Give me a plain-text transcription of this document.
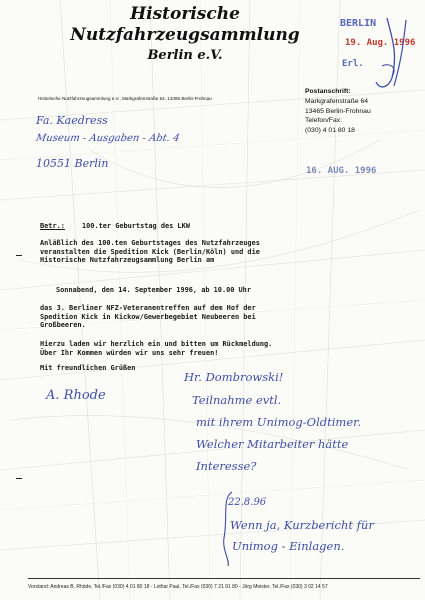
Historische
Nutzfahrzeugsammlung
Berlin e.V.
Historische Nutzfahrzeugsammlung e.V., Markgrafenstraße 64, 13465 Berlin-Frohnau
Postanschrift:
Markgrafenstraße 64
13465 Berlin-Frohnau
Telefon/Fax:
(030) 4 01 80 18
BERLIN
19. Aug. 1996
Erl.
16. AUG. 1996
Fa. Kaedress
Museum - Ausgaben - Abt. 4
10551 Berlin
Betr.: 100.ter Geburtstag des LKW
Anläßlich des 100.ten Geburtstages des Nutzfahrzeuges
veranstalten die Spedition Kick (Berlin/Köln) und die
Historische Nutzfahrzeugsammlung Berlin am
Sonnabend, den 14. September 1996, ab 10.00 Uhr
das 3. Berliner NFZ-Veteranentreffen auf dem Hof der
Spedition Kick in Kickow/Gewerbegebiet Neubeeren bei
Großbeeren.
Hierzu laden wir herzlich ein und bitten um Rückmeldung.
Über Ihr Kommen würden wir uns sehr freuen!
Mit freundlichen Grüßen
A. Rhode
Hr. Dombrowski!
Teilnahme evtl.
mit ihrem Unimog-Oldtimer.
Welcher Mitarbeiter hätte
Interesse?
22.8.96
Wenn ja, Kurzbericht für
Unimog - Einlagen.
Vorstand: Andreas B. Rhöde, Tel./Fax (030) 4 01 80 18 - Lothar Paul, Tel./Fax (030) 7 21 91 80 - Jörg Meister, Tel./Fax (030) 3 02 14 57
